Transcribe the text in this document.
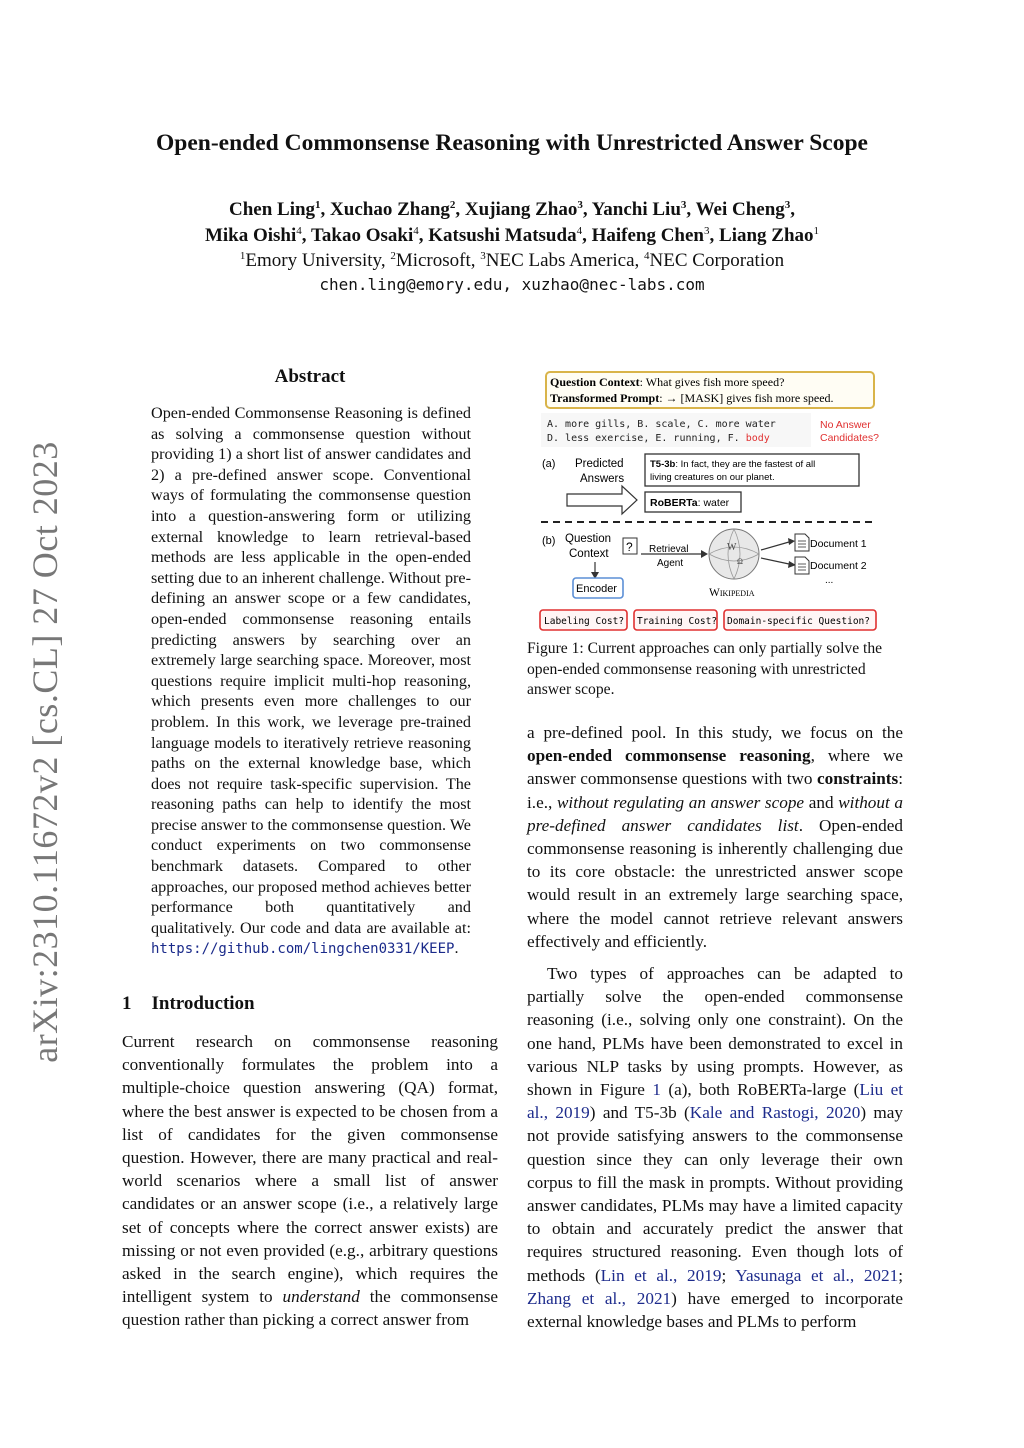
arXiv:2310.11672v2 [cs.CL] 27 Oct 2023
Open-ended Commonsense Reasoning with Unrestricted Answer Scope
Chen Ling$^1$, Xuchao Zhang$^2$, Xujiang Zhao$^3$, Yanchi Liu$^3$, Wei Cheng$^3$,
Mika Oishi$^4$, Takao Osaki$^4$, Katsushi Matsuda$^4$, Haifeng Chen$^3$, Liang Zhao$^1$
$^1$Emory University, $^2$Microsoft, $^3$NEC Labs America, $^4$NEC Corporation
chen.ling@emory.edu, xuzhao@nec-labs.com
Abstract
Open-ended Commonsense Reasoning is defined as solving a commonsense question without providing 1) a short list of answer candidates and 2) a pre-defined answer scope. Conventional ways of formulating the commonsense question into a question-answering form or utilizing external knowledge to learn retrieval-based methods are less applicable in the open-ended setting due to an inherent challenge. Without pre-defining an answer scope or a few candidates, open-ended commonsense reasoning entails predicting answers by searching over an extremely large searching space. Moreover, most questions require implicit multi-hop reasoning, which presents even more challenges to our problem. In this work, we leverage pre-trained language models to iteratively retrieve reasoning paths on the external knowledge base, which does not require task-specific supervision. The reasoning paths can help to identify the most precise answer to the commonsense question. We conduct experiments on two commonsense benchmark datasets. Compared to other approaches, our proposed method achieves better performance both quantitatively and qualitatively. Our code and data are available at: https://github.com/lingchen0331/KEEP.
1 Introduction

Current research on commonsense reasoning conventionally formulates the problem into a multiple-choice question answering (QA) format, where the best answer is expected to be chosen from a list of candidates for the given commonsense question. However, there are many practical and real-world scenarios where a small list of answer candidates or an answer scope (i.e., a relatively large set of concepts where the correct answer exists) are missing or not even provided (e.g., arbitrary questions asked in the search engine), which requires the intelligent system to understand the commonsense question rather than picking a correct answer from

Question Context: What gives fish more speed?
Transformed Prompt: → [MASK] gives fish more speed.
A. more gills, B. scale, C. more water
D. less exercise, E. running, F. body
No Answer
Candidates?
(a) Predicted
Answers
T5-3b: In fact, they are the fastest of all
living creatures on our planet.
RoBERTa: water
(b) Question
Context ? Retrieval
Agent
W
Ω
Wikipedia
Document 1
Document 2
...
Encoder
Labeling Cost? Training Cost? Domain-specific Question?
Figure 1: Current approaches can only partially solve the open-ended commonsense reasoning with unrestricted answer scope.

a pre-defined pool. In this study, we focus on the open-ended commonsense reasoning, where we answer commonsense questions with two constraints: i.e., without regulating an answer scope and without a pre-defined answer candidates list. Open-ended commonsense reasoning is inherently challenging due to its core obstacle: the unrestricted answer scope would result in an extremely large searching space, where the model cannot retrieve relevant answers effectively and efficiently.

Two types of approaches can be adapted to partially solve the open-ended commonsense reasoning (i.e., solving only one constraint). On the one hand, PLMs have been demonstrated to excel in various NLP tasks by using prompts. However, as shown in Figure 1 (a), both RoBERTa-large (Liu et al., 2019) and T5-3b (Kale and Rastogi, 2020) may not provide satisfying answers to the commonsense question since they can only leverage their own corpus to fill the mask in prompts. Without providing answer candidates, PLMs may have a limited capacity to obtain and accurately predict the answer that requires structured reasoning. Even though lots of methods (Lin et al., 2019; Yasunaga et al., 2021; Zhang et al., 2021) have emerged to incorporate external knowledge bases and PLMs to perform
